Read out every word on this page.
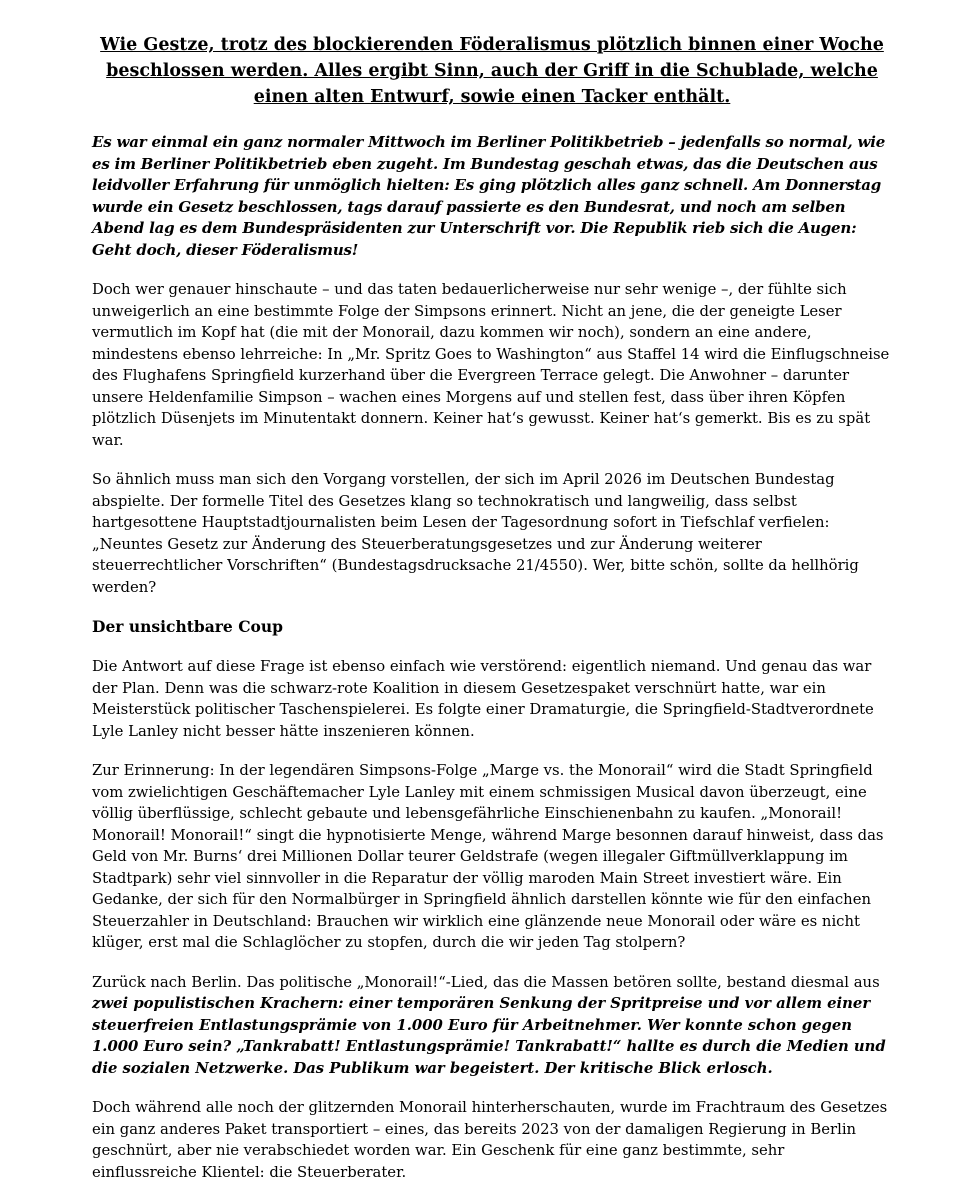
Wie Gestze, trotz des blockierenden Föderalismus plötzlich binnen einer Woche beschlossen werden. Alles ergibt Sinn, auch der Griff in die Schublade, welche einen alten Entwurf, sowie einen Tacker enthält.

Es war einmal ein ganz normaler Mittwoch im Berliner Politikbetrieb – jedenfalls so normal, wie es im Berliner Politikbetrieb eben zugeht. Im Bundestag geschah etwas, das die Deutschen aus leidvoller Erfahrung für unmöglich hielten: Es ging plötzlich alles ganz schnell. Am Donnerstag wurde ein Gesetz beschlossen, tags darauf passierte es den Bundesrat, und noch am selben Abend lag es dem Bundespräsidenten zur Unterschrift vor. Die Republik rieb sich die Augen: Geht doch, dieser Föderalismus!

Doch wer genauer hinschaute – und das taten bedauerlicherweise nur sehr wenige –, der fühlte sich unweigerlich an eine bestimmte Folge der Simpsons erinnert. Nicht an jene, die der geneigte Leser vermutlich im Kopf hat (die mit der Monorail, dazu kommen wir noch), sondern an eine andere, mindestens ebenso lehrreiche: In „Mr. Spritz Goes to Washington“ aus Staffel 14 wird die Einflugschneise des Flughafens Springfield kurzerhand über die Evergreen Terrace gelegt. Die Anwohner – darunter unsere Heldenfamilie Simpson – wachen eines Morgens auf und stellen fest, dass über ihren Köpfen plötzlich Düsenjets im Minutentakt donnern. Keiner hat‘s gewusst. Keiner hat‘s gemerkt. Bis es zu spät war.

So ähnlich muss man sich den Vorgang vorstellen, der sich im April 2026 im Deutschen Bundestag abspielte. Der formelle Titel des Gesetzes klang so technokratisch und langweilig, dass selbst hartgesottene Hauptstadtjournalisten beim Lesen der Tagesordnung sofort in Tiefschlaf verfielen: „Neuntes Gesetz zur Änderung des Steuerberatungsgesetzes und zur Änderung weiterer steuerrechtlicher Vorschriften“ (Bundestagsdrucksache 21/4550). Wer, bitte schön, sollte da hellhörig werden?

Der unsichtbare Coup

Die Antwort auf diese Frage ist ebenso einfach wie verstörend: eigentlich niemand. Und genau das war der Plan. Denn was die schwarz-rote Koalition in diesem Gesetzespaket verschnürt hatte, war ein Meisterstück politischer Taschenspielerei. Es folgte einer Dramaturgie, die Springfield-Stadtverordnete Lyle Lanley nicht besser hätte inszenieren können.

Zur Erinnerung: In der legendären Simpsons-Folge „Marge vs. the Monorail“ wird die Stadt Springfield vom zwielichtigen Geschäftemacher Lyle Lanley mit einem schmissigen Musical davon überzeugt, eine völlig überflüssige, schlecht gebaute und lebensgefährliche Einschienenbahn zu kaufen. „Monorail! Monorail! Monorail!“ singt die hypnotisierte Menge, während Marge besonnen darauf hinweist, dass das Geld von Mr. Burns‘ drei Millionen Dollar teurer Geldstrafe (wegen illegaler Giftmüllverklappung im Stadtpark) sehr viel sinnvoller in die Reparatur der völlig maroden Main Street investiert wäre. Ein Gedanke, der sich für den Normalbürger in Springfield ähnlich darstellen könnte wie für den einfachen Steuerzahler in Deutschland: Brauchen wir wirklich eine glänzende neue Monorail oder wäre es nicht klüger, erst mal die Schlaglöcher zu stopfen, durch die wir jeden Tag stolpern?

Zurück nach Berlin. Das politische „Monorail!“-Lied, das die Massen betören sollte, bestand diesmal aus zwei populistischen Krachern: einer temporären Senkung der Spritpreise und vor allem einer steuerfreien Entlastungsprämie von 1.000 Euro für Arbeitnehmer. Wer konnte schon gegen 1.000 Euro sein? „Tankrabatt! Entlastungsprämie! Tankrabatt!“ hallte es durch die Medien und die sozialen Netzwerke. Das Publikum war begeistert. Der kritische Blick erlosch.

Doch während alle noch der glitzernden Monorail hinterherschauten, wurde im Frachtraum des Gesetzes ein ganz anderes Paket transportiert – eines, das bereits 2023 von der damaligen Regierung in Berlin geschnürt, aber nie verabschiedet worden war. Ein Geschenk für eine ganz bestimmte, sehr einflussreiche Klientel: die Steuerberater.
